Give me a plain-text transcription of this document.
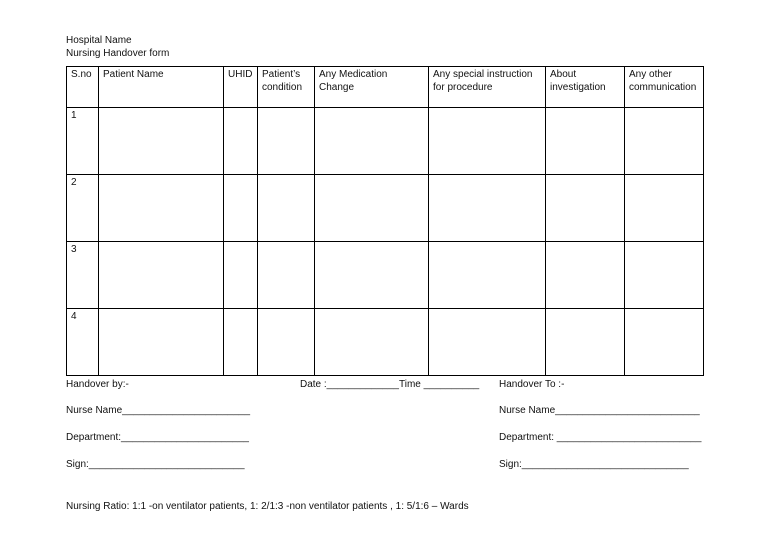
Hospital Name
Nursing Handover form
S.no	Patient Name	UHID	Patient’s condition	Any Medication Change	Any special instruction for procedure	About investigation	Any other communication
1							
2							
3							
4							
Handover by:-	Date :_____________Time __________ Handover To :-
Nurse Name_______________________	Nurse Name__________________________
Department:_______________________	Department: __________________________
Sign:____________________________	Sign:______________________________
Nursing Ratio: 1:1 -on ventilator patients, 1: 2/1:3 -non ventilator patients , 1: 5/1:6 – Wards
